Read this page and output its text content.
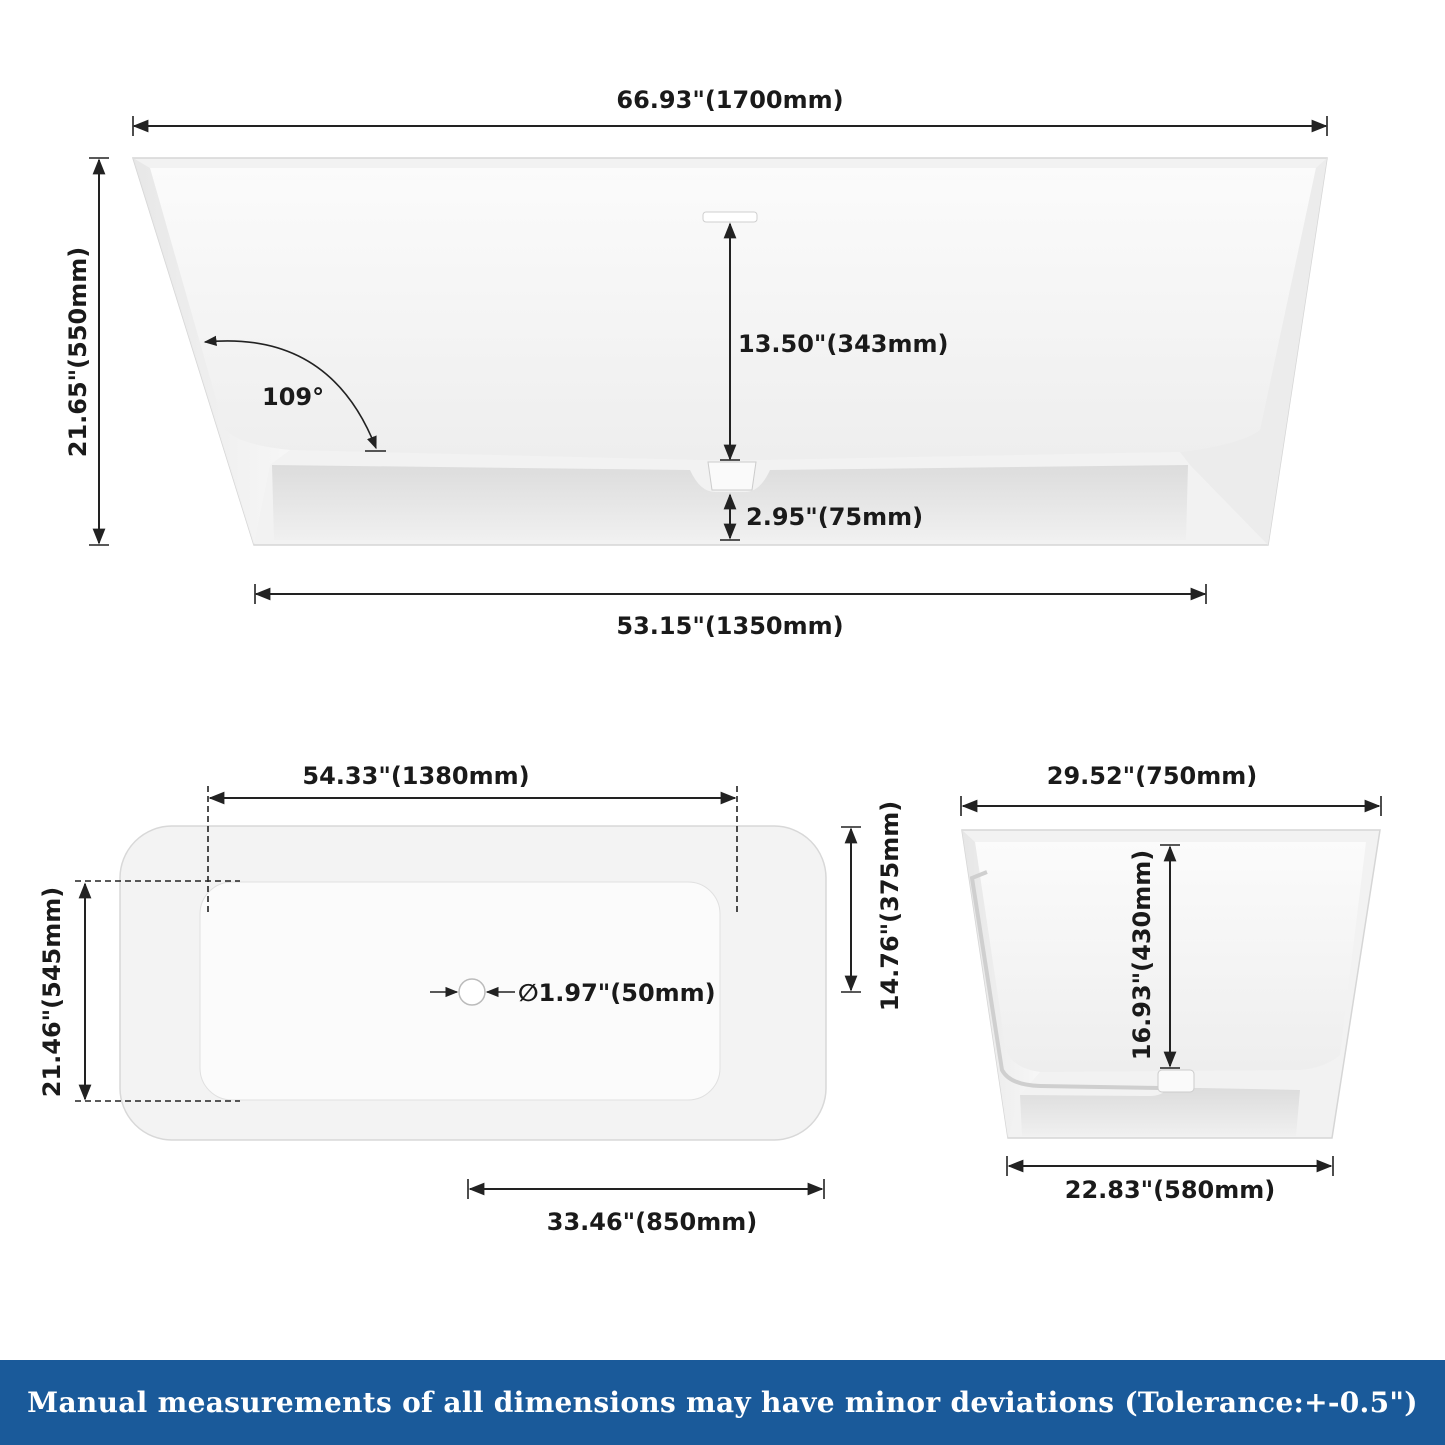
66.93"(1700mm)
21.65"(550mm)	13.50"(343mm)
109°
2.95"(75mm)
53.15"(1350mm)
54.33"(1380mm)
21.46"(545mm)	∅1.97"(50mm)
33.46"(850mm)
14.76"(375mm)
29.52"(750mm)
16.93"(430mm)
22.83"(580mm)
Manual measurements of all dimensions may have minor deviations (Tolerance:+-0.5")
